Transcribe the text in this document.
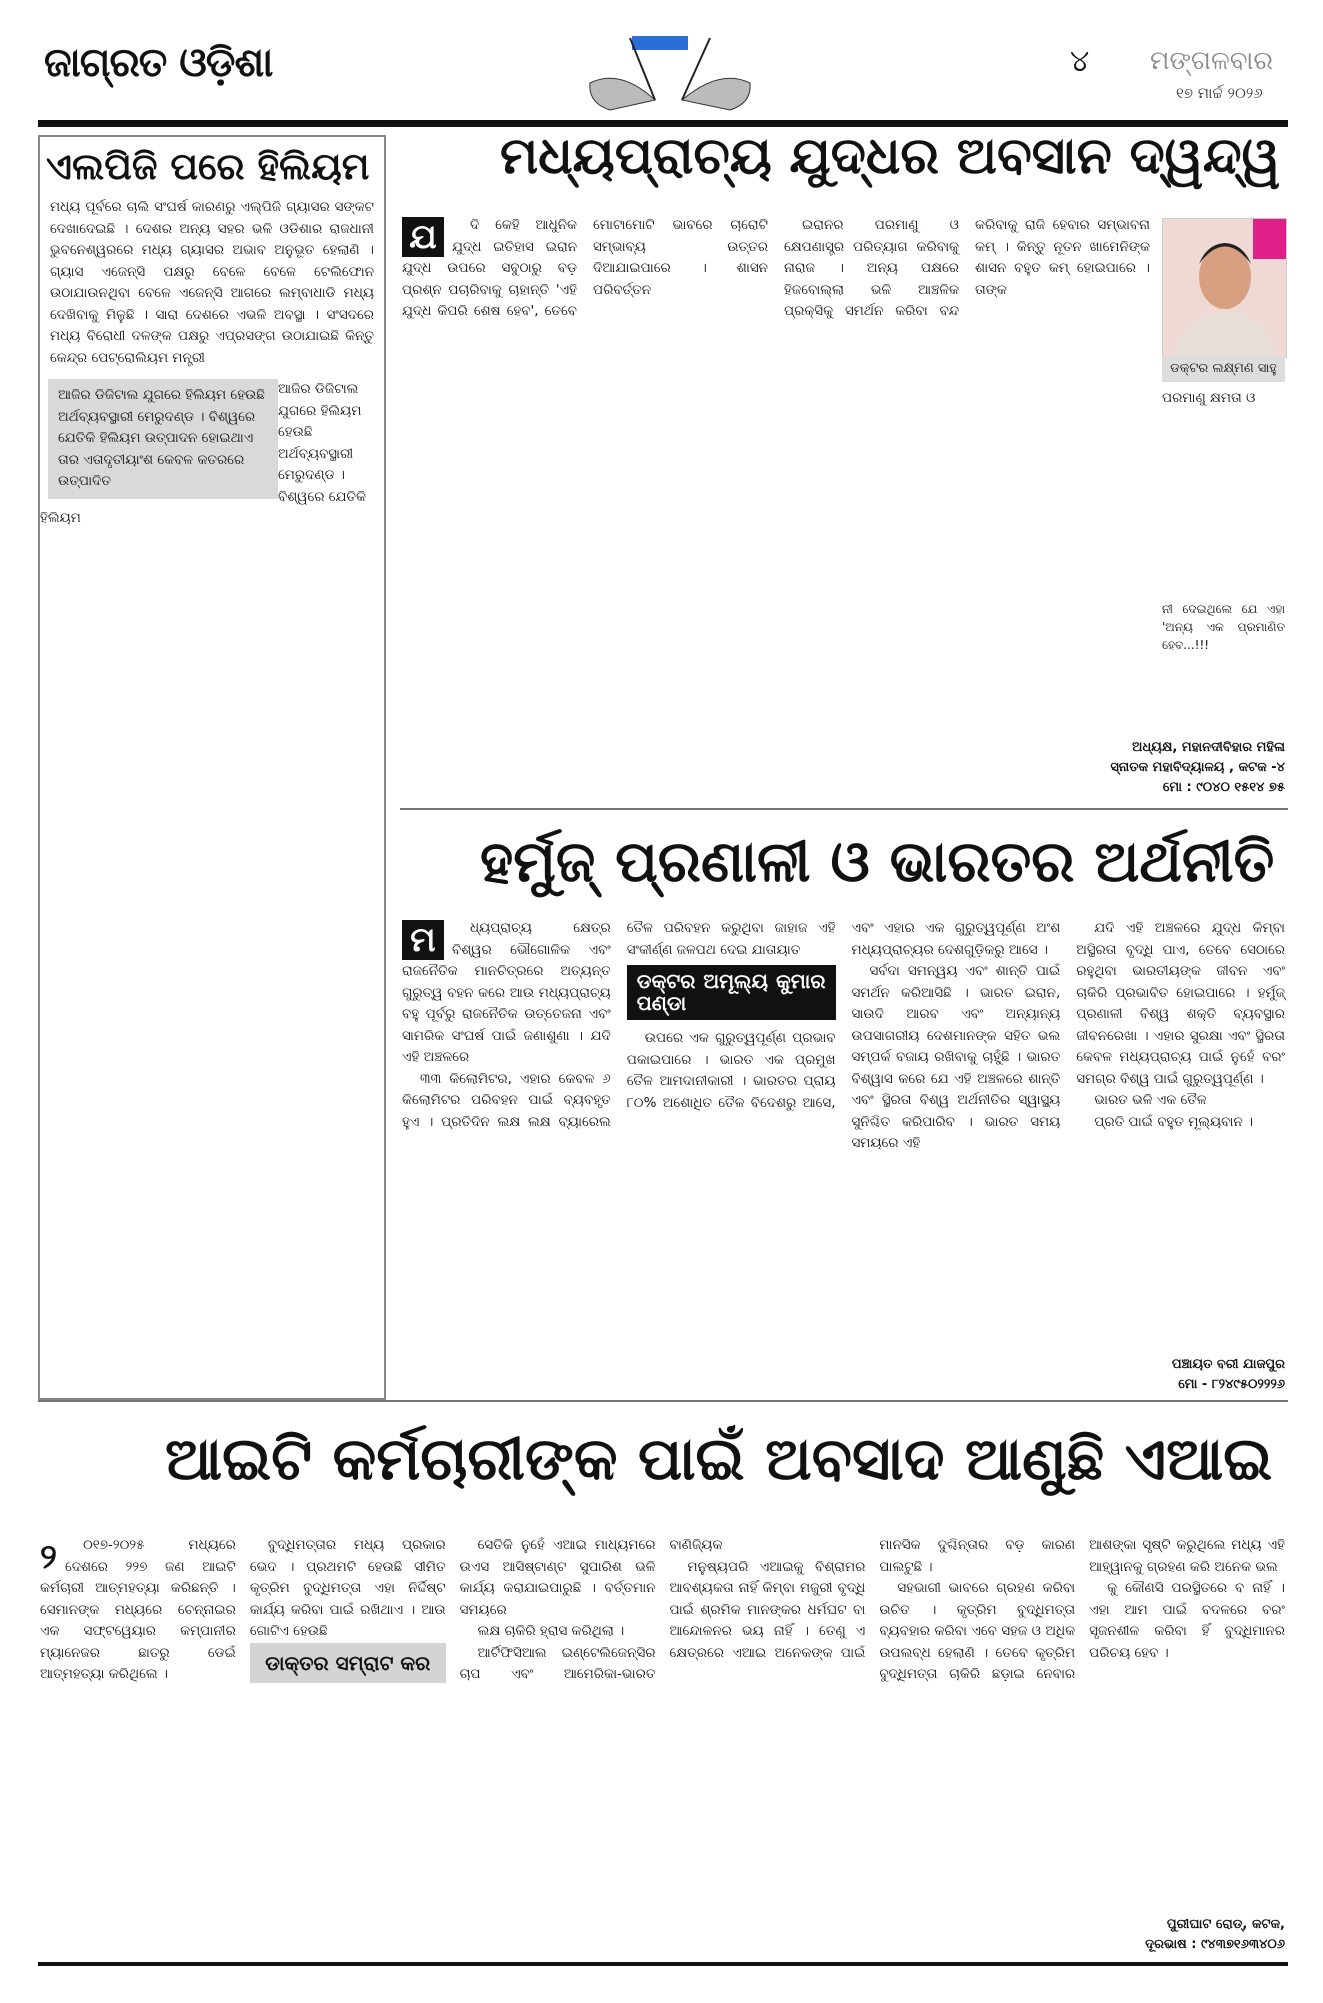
ଜାଗ୍ରତ ଓଡ଼ିଶା	୪ ମଙ୍ଗଳବାର
୧୭ ମାର୍ଚ୍ଚ ୨୦୨୬
ଏଲପିଜି ପରେ ହିଲିୟମ
ମଧ୍ୟ ପୂର୍ବରେ ଚାଲି ସଂଘର୍ଷ କାରଣରୁ ଏଲ୍‌ପିଜି ଗ୍ୟାସର ସଙ୍କଟ ଦେଖାଦେଇଛି । ଦେଶର ଅନ୍ୟ ସହର ଭଳି ଓଡିଶାର ରାଜଧାନୀ ଭୁବନେଶ୍ୱରରେ ମଧ୍ୟ ଗ୍ୟାସର ଅଭାବ ଅନୁଭୂତ ହେଲାଣି । ଗ୍ୟାସ ଏଜେନ୍ସି ପକ୍ଷରୁ ବେଳେ ବେଳେ ଟେଲିଫୋନ ଉଠାଯାଉନଥିବା ବେଳେ ଏଜେନ୍ସି ଆଗରେ ଲମ୍ବାଧାଡି ମଧ୍ୟ ଦେଖିବାକୁ ମିଳୁଛି । ସାରା ଦେଶରେ ଏଭଳି ଅବସ୍ଥା । ସଂସଦରେ ମଧ୍ୟ ବିରୋଧୀ ଦଳଙ୍କ ପକ୍ଷରୁ ଏପ୍ରସଙ୍ଗ ଉଠାଯାଇଛି କିନ୍ତୁ କେନ୍ଦ୍ର ପେଟ୍ରୋଲିୟମ ମନ୍ତ୍ରୀ
ଆଜିର ଡିଜିଟାଲ ଯୁଗରେ ହିଲିୟମ ହେଉଛି ଅର୍ଥବ୍ୟବସ୍ଥାରୀ ମେରୁଦଣ୍ଡ । ବିଶ୍ୱରେ ଯେତିକି ହିଲିୟମ ଉତ୍ପାଦନ ହୋଇଥାଏ ତାର ଏତାଦୃତୀୟାଂଶ କେବଳ କତରରେ ଉତ୍ପାଦିତ
ଆଜିର ଡିଜିଟାଲ ଯୁଗରେ ହିଲିୟମ ହେଉଛି ଅର୍ଥବ୍ୟବସ୍ଥାରୀ ମେରୁଦଣ୍ଡ । ବିଶ୍ୱରେ ଯେତିକି ହିଲିୟମ
ମଧ୍ୟପ୍ରାଚ୍ୟ ଯୁଦ୍ଧର ଅବସାନ ଦ୍ୱନ୍ଦ୍ୱ
ଯ	ଦି କେହି ଆଧୁନିକ ଯୁଦ୍ଧ ଇତିହାସ ଇରାନ ଯୁଦ୍ଧ ଉପରେ ସବୁଠାରୁ ବଡ଼ ପ୍ରଶ୍ନ ପଚାରିବାକୁ ଚାହାନ୍ତି 'ଏହି ଯୁଦ୍ଧ କିପରି ଶେଷ ହେବ', ତେବେ ମୋଟାମୋଟି ଭାବରେ ଚାରୋଟି ସମ୍ଭାବ୍ୟ ଉତ୍ତର ଦିଆଯାଇପାରେ । ଶାସନ ପରିବର୍ତ୍ତନ

ଇରାନର ପରମାଣୁ ଓ କ୍ଷେପଣାସ୍ତ୍ର ପରିତ୍ୟାଗ କରିବାକୁ ନାରାଜ । ଅନ୍ୟ ପକ୍ଷରେ ହିଜବୋଲ୍ଲା ଭଳି ଆଞ୍ଚଳିକ ପ୍ରକ୍ସିକୁ ସମର୍ଥନ କରିବା ବନ୍ଦ କରିବାକୁ ରାଜି ହେବାର ସମ୍ଭାବନା କମ୍ । କିନ୍ତୁ ନୂତନ ଖାମେନିଙ୍କ ଶାସନ ବହୁତ କମ୍ ହୋଇପାରେ । ତାଙ୍କ

ଡକ୍ଟର ଲକ୍ଷ୍ମଣ ସାହୁ
ପରମାଣୁ କ୍ଷମତା ଓ
ନୀ ଦେଇଥିଲେ ଯେ ଏହା 'ଅନ୍ୟ ଏକ ପ୍ରମାଣିତ ହେବ...!!!
ଅଧ୍ୟକ୍ଷ, ମହାନଦୀବିହାର ମହିଳା
ସ୍ନାତକ ମହାବିଦ୍ୟାଳୟ , କଟକ -୪
ମୋ : ୯୦୪୦ ୧୫୧୪ ୭୫
ହର୍ମୁଜ୍ ପ୍ରଣାଳୀ ଓ ଭାରତର ଅର୍ଥନୀତି
ମ	ଧ୍ୟପ୍ରାଚ୍ୟ କ୍ଷେତ୍ର ବିଶ୍ୱର ଭୌଗୋଳିକ ଏବଂ ରାଜନୈତିକ ମାନଚିତ୍ରରେ ଅତ୍ୟନ୍ତ ଗୁରୁତ୍ୱ ବହନ କରେ ଆଉ ମଧ୍ୟପ୍ରାଚ୍ୟ ବହୁ ପୂର୍ବରୁ ରାଜନୈତିକ ଉତ୍ତେଜନା ଏବଂ ସାମରିକ ସଂଘର୍ଷ ପାଇଁ ଜଣାଶୁଣା । ଯଦି ଏହି ଅଞ୍ଚଳରେ

୩୩ କିଲୋମିଟର, ଏହାର କେବଳ ୬ କିଲୋମିଟର ପରିବହନ ପାଇଁ ବ୍ୟବହୃତ ହୁଏ । ପ୍ରତିଦିନ ଲକ୍ଷ ଲକ୍ଷ ବ୍ୟାରେଲ ତୈଳ ପରିବହନ କରୁଥିବା ଜାହାଜ ଏହି ସଂକୀର୍ଣ୍ଣ ଜଳପଥ ଦେଇ ଯାତାୟାତ

ଡକ୍ଟର ଅମୂଲ୍ୟ କୁମାର ପଣ୍ଡା

ଉପରେ ଏକ ଗୁରୁତ୍ୱପୂର୍ଣ୍ଣ ପ୍ରଭାବ ପକାଇପାରେ । ଭାରତ ଏକ ପ୍ରମୁଖ ତୈଳ ଆମଦାନୀକାରୀ । ଭାରତର ପ୍ରାୟ ୮୦% ଅଶୋଧିତ ତୈଳ ବିଦେଶରୁ ଆସେ, ଏବଂ ଏହାର ଏକ ଗୁରୁତ୍ୱପୂର୍ଣ୍ଣ ଅଂଶ ମଧ୍ୟପ୍ରାଚ୍ୟର ଦେଶଗୁଡ଼ିକରୁ ଆସେ ।

ସର୍ବଦା ସମନ୍ୱୟ ଏବଂ ଶାନ୍ତି ପାଇଁ ସମର୍ଥନ କରିଆସିଛି । ଭାରତ ଇରାନ, ସାଉଦି ଆରବ ଏବଂ ଅନ୍ୟାନ୍ୟ ଉପସାଗରୀୟ ଦେଶମାନଙ୍କ ସହିତ ଭଲ ସମ୍ପର୍କ ବଜାୟ ରଖିବାକୁ ଚାହୁଁଛି । ଭାରତ ବିଶ୍ୱାସ କରେ ଯେ ଏହି ଅଞ୍ଚଳରେ ଶାନ୍ତି ଏବଂ ସ୍ଥିରତା ବିଶ୍ୱ ଅର୍ଥନୀତିର ସ୍ୱାସ୍ଥ୍ୟ ସୁନିଶ୍ଚିତ କରିପାରିବ । ଭାରତ ସମୟ ସମୟରେ ଏହି

ଯଦି ଏହି ଅଞ୍ଚଳରେ ଯୁଦ୍ଧ କିମ୍ବା ଅସ୍ଥିରତା ବୃଦ୍ଧି ପାଏ, ତେବେ ସେଠାରେ ରହୁଥିବା ଭାରତୀୟଙ୍କ ଜୀବନ ଏବଂ ଚାକିରି ପ୍ରଭାବିତ ହୋଇପାରେ । ହର୍ମୁଜ୍ ପ୍ରଣାଳୀ ବିଶ୍ୱ ଶକ୍ତି ବ୍ୟବସ୍ଥାର ଜୀବନରେଖା । ଏହାର ସୁରକ୍ଷା ଏବଂ ସ୍ଥିରତା କେବଳ ମଧ୍ୟପ୍ରାଚ୍ୟ ପାଇଁ ନୁହେଁ ବରଂ ସମଗ୍ର ବିଶ୍ୱ ପାଇଁ ଗୁରୁତ୍ୱପୂର୍ଣ୍ଣ ।

ଭାରତ ଭଳି ଏକ ତୈଳ

ପ୍ରତି ପାଇଁ ବହୁତ ମୂଲ୍ୟବାନ ।

ପଞ୍ଚାୟତ ବରୀ ଯାଜପୁର
ମୋ - ୮୨୪୯୫୦୨୨୨୬
ଆଇଟି କର୍ମଚାରୀଙ୍କ ପାଇଁ ଅବସାଦ ଆଣୁଛି ଏଆଇ
୨	୦୧୭-୨୦୨୫ ମଧ୍ୟରେ ଦେଶରେ ୨୨୭ ଜଣ ଆଇଟି କର୍ମଚାରୀ ଆତ୍ମହତ୍ୟା କରିଛନ୍ତି । ସେମାନଙ୍କ ମଧ୍ୟରେ ଚେନ୍ନାଇର ଏକ ସଫ୍ଟୱେୟାର କମ୍ପାନୀର ମ୍ୟାନେଜର ଛାତରୁ ଡେଇଁ ଆତ୍ମହତ୍ୟା କରିଥିଲେ ।

ବୁଦ୍ଧିମତ୍ତାର ମଧ୍ୟ ପ୍ରକାର ଭେଦ । ପ୍ରଥମଟି ହେଉଛି ସୀମିତ କୃତ୍ରିମ ବୁଦ୍ଧିମତ୍ତା ଏହା ନିର୍ଦ୍ଦିଷ୍ଟ କାର୍ଯ୍ୟ କରିବା ପାଇଁ ରଖିଥାଏ । ଆଉ ଗୋଟିଏ ହେଉଛି

ଡାକ୍ତର ସମ୍ରାଟ କର

ସେତିକି ନୁହେଁ ଏଆଇ ମାଧ୍ୟମରେ ଉଏସ ଆସିଷ୍ଟାଣ୍ଟ ସୁପାରିଶ ଭଳି କାର୍ଯ୍ୟ କରାଯାଇପାରୁଛି । ବର୍ତ୍ତମାନ ସମୟରେ

ଲକ୍ଷ ଚାକିରି ହ୍ରାସ କରିଥିଲା ।

ଆର୍ଟିଫିସିଆଲ ଇଣ୍ଟେଲିଜେନ୍ସିର ଚାପ ଏବଂ ଆମେରିକା-ଭାରତ ବାଣିଜ୍ୟିକ

ମନୁଷ୍ୟପରି ଏଆଇକୁ ବିଶ୍ରାମର ଆବଶ୍ୟକତା ନାହିଁ କିମ୍ବା ମଜୁରୀ ବୃଦ୍ଧି ପାଇଁ ଶ୍ରମିକ ମାନଙ୍କର ଧର୍ମଘଟ ବା ଆନ୍ଦୋଳନର ଭୟ ନାହିଁ । ତେଣୁ ଏ କ୍ଷେତ୍ରରେ ଏଆଇ ଅନେକଙ୍କ ପାଇଁ ମାନସିକ ଦୁଶ୍ଚିନ୍ତାର ବଡ଼ କାରଣ ପାଲଟୁଛି ।

ସହଭାଗୀ ଭାବରେ ଗ୍ରହଣ କରିବା ଉଚିତ । କୃତ୍ରିମ ବୁଦ୍ଧିମତ୍ତା ବ୍ୟବହାର କରିବା ଏବେ ସହଜ ଓ ଅଧିକ ଉପଲବ୍ଧ ହେଲାଣି । ତେବେ କୃତ୍ରିମ ବୁଦ୍ଧିମତ୍ତା ଚାକିରି ଛଡ଼ାଇ ନେବାର ଆଶଙ୍କା ସୃଷ୍ଟି କରୁଥିଲେ ମଧ୍ୟ ଏହି ଆହ୍ୱାନକୁ ଗ୍ରହଣ କରି ଅନେକ ଭଲ

କୁ କୌଣସି ପରସ୍ଥିତରେ ବ ନାହିଁ । ଏହା ଆମ ପାଇଁ ବଦଳରେ ବରଂ ସୃଜନଶୀଳ କରିବା ହିଁ ବୁଦ୍ଧିମାନର ପରିଚୟ ହେବ ।

ପୁରୀଘାଟ ରୋଡ୍, କଟକ,
ଦୂରଭାଷ : ୯୪୩୭୧୬୩୪୦୬
